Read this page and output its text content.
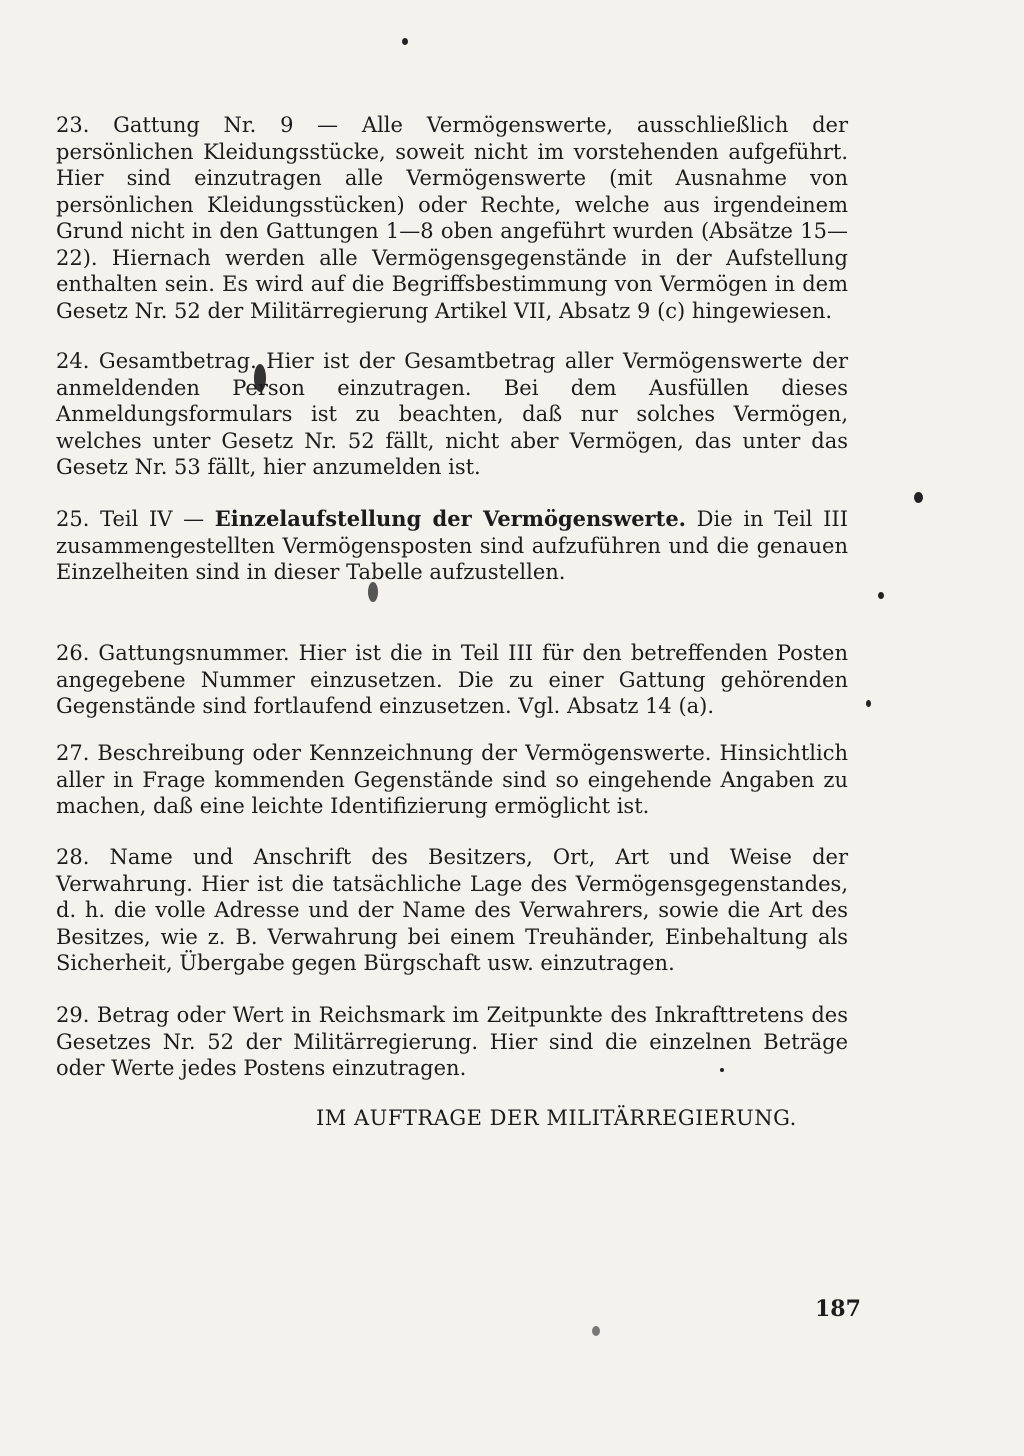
23. Gattung Nr. 9 — Alle Vermögenswerte, ausschließlich der persönlichen Kleidungsstücke, soweit nicht im vorstehenden aufgeführt. Hier sind einzutragen alle Vermögenswerte (mit Ausnahme von persönlichen Kleidungsstücken) oder Rechte, welche aus irgendeinem Grund nicht in den Gattungen 1—8 oben angeführt wurden (Absätze 15—22). Hiernach werden alle Vermögensgegenstände in der Aufstellung enthalten sein. Es wird auf die Begriffsbestimmung von Vermögen in dem Gesetz Nr. 52 der Militärregierung Artikel VII, Absatz 9 (c) hingewiesen.

24. Gesamtbetrag. Hier ist der Gesamtbetrag aller Vermögenswerte der anmeldenden Person einzutragen. Bei dem Ausfüllen dieses Anmeldungsformulars ist zu beachten, daß nur solches Vermögen, welches unter Gesetz Nr. 52 fällt, nicht aber Vermögen, das unter das Gesetz Nr. 53 fällt, hier anzumelden ist.

25. Teil IV — Einzelaufstellung der Vermögenswerte. Die in Teil III zusammengestellten Vermögensposten sind aufzuführen und die genauen Einzelheiten sind in dieser Tabelle aufzustellen.

26. Gattungsnummer. Hier ist die in Teil III für den betreffenden Posten angegebene Nummer einzusetzen. Die zu einer Gattung gehörenden Gegenstände sind fortlaufend einzusetzen. Vgl. Absatz 14 (a).

27. Beschreibung oder Kennzeichnung der Vermögenswerte. Hinsichtlich aller in Frage kommenden Gegenstände sind so eingehende Angaben zu machen, daß eine leichte Identifizierung ermöglicht ist.

28. Name und Anschrift des Besitzers, Ort, Art und Weise der Verwahrung. Hier ist die tatsächliche Lage des Vermögensgegenstandes, d. h. die volle Adresse und der Name des Verwahrers, sowie die Art des Besitzes, wie z. B. Verwahrung bei einem Treuhänder, Einbehaltung als Sicherheit, Übergabe gegen Bürgschaft usw. einzutragen.

29. Betrag oder Wert in Reichsmark im Zeitpunkte des Inkrafttretens des Gesetzes Nr. 52 der Militärregierung. Hier sind die einzelnen Beträge oder Werte jedes Postens einzutragen.

IM AUFTRAGE DER MILITÄRREGIERUNG.
187
